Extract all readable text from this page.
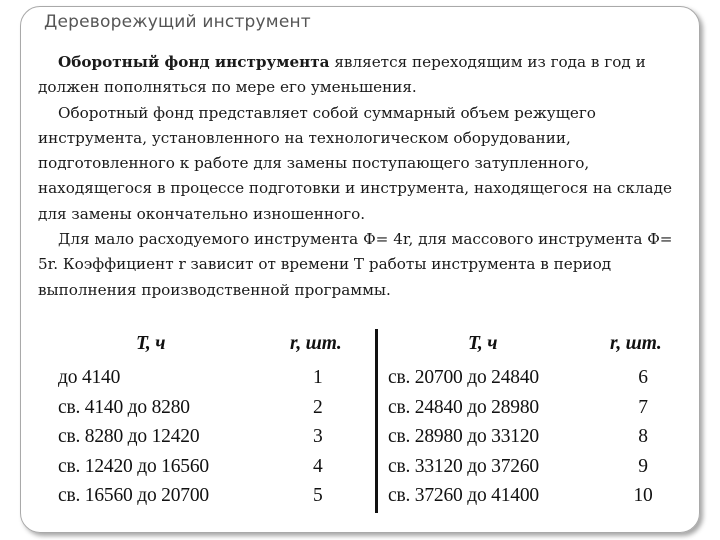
Дереворежущий инструмент

Оборотный фонд инструмента является переходящим из года в год и должен пополняться по мере его уменьшения.

Оборотный фонд представляет собой суммарный объем режущего инструмента, установленного на технологическом оборудовании, подготовленного к работе для замены поступающего затупленного, находящегося в процессе подготовки и инструмента, находящегося на складе для замены окончательно изношенного.

Для мало расходуемого инструмента Ф= 4r, для массового инструмента Ф= 5r. Коэффициент r зависит от времени Т работы инструмента в период выполнения производственной программы.

T, ч	r, шт.
до 4140	1
св. 4140 до 8280	2
св. 8280 до 12420	3
св. 12420 до 16560	4
св. 16560 до 20700	5
T, ч	r, шт.
св. 20700 до 24840	6
св. 24840 до 28980	7
св. 28980 до 33120	8
св. 33120 до 37260	9
св. 37260 до 41400	10
